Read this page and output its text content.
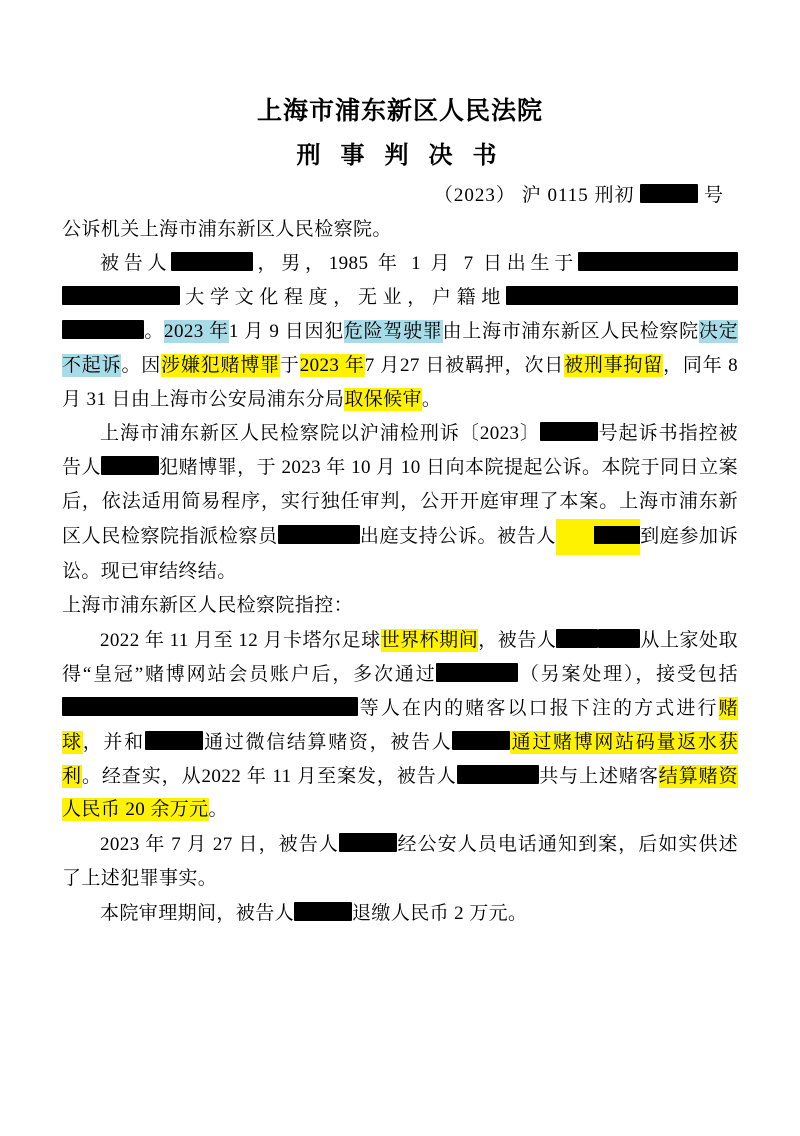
上海市浦东新区人民法院
刑 事 判 决 书
（2023） 沪 0115 刑初	号

公诉机关上海市浦东新区人民检察院。

被告人	，男，1985 年 1 月 7 日出生于大学文化程度，无业，户籍地。2023 年1 月 9 日因犯危险驾驶罪由上海市浦东新区人民检察院决定不起诉。因涉嫌犯赌博罪于2023 年7 月27 日被羁押，次日被刑事拘留，同年 8 月 31 日由上海市公安局浦东分局取保候审。

上海市浦东新区人民检察院以沪浦检刑诉〔2023〕	号起诉书指控被告人	犯赌博罪，于 2023 年 10 月 10 日向本院提起公诉。本院于同日立案后，依法适用简易程序，实行独任审判，公开开庭审理了本案。上海市浦东新区人民检察院指派检察员	出庭支持公诉。被告人	到庭参加诉讼。现已审结终结。

上海市浦东新区人民检察院指控：

2022 年 11 月至 12 月卡塔尔足球世界杯期间，被告人	从上家处取得“皇冠”赌博网站会员账户后，多次通过	（另案处理），接受包括等人在内的赌客以口报下注的方式进行赌球，并和	通过微信结算赌资，被告人	通过赌博网站码量返水获利。经查实，从2022 年 11 月至案发，被告人	共与上述赌客结算赌资人民币 20 余万元。

2023 年 7 月 27 日，被告人	经公安人员电话通知到案，后如实供述了上述犯罪事实。

本院审理期间，被告人	退缴人民币 2 万元。
